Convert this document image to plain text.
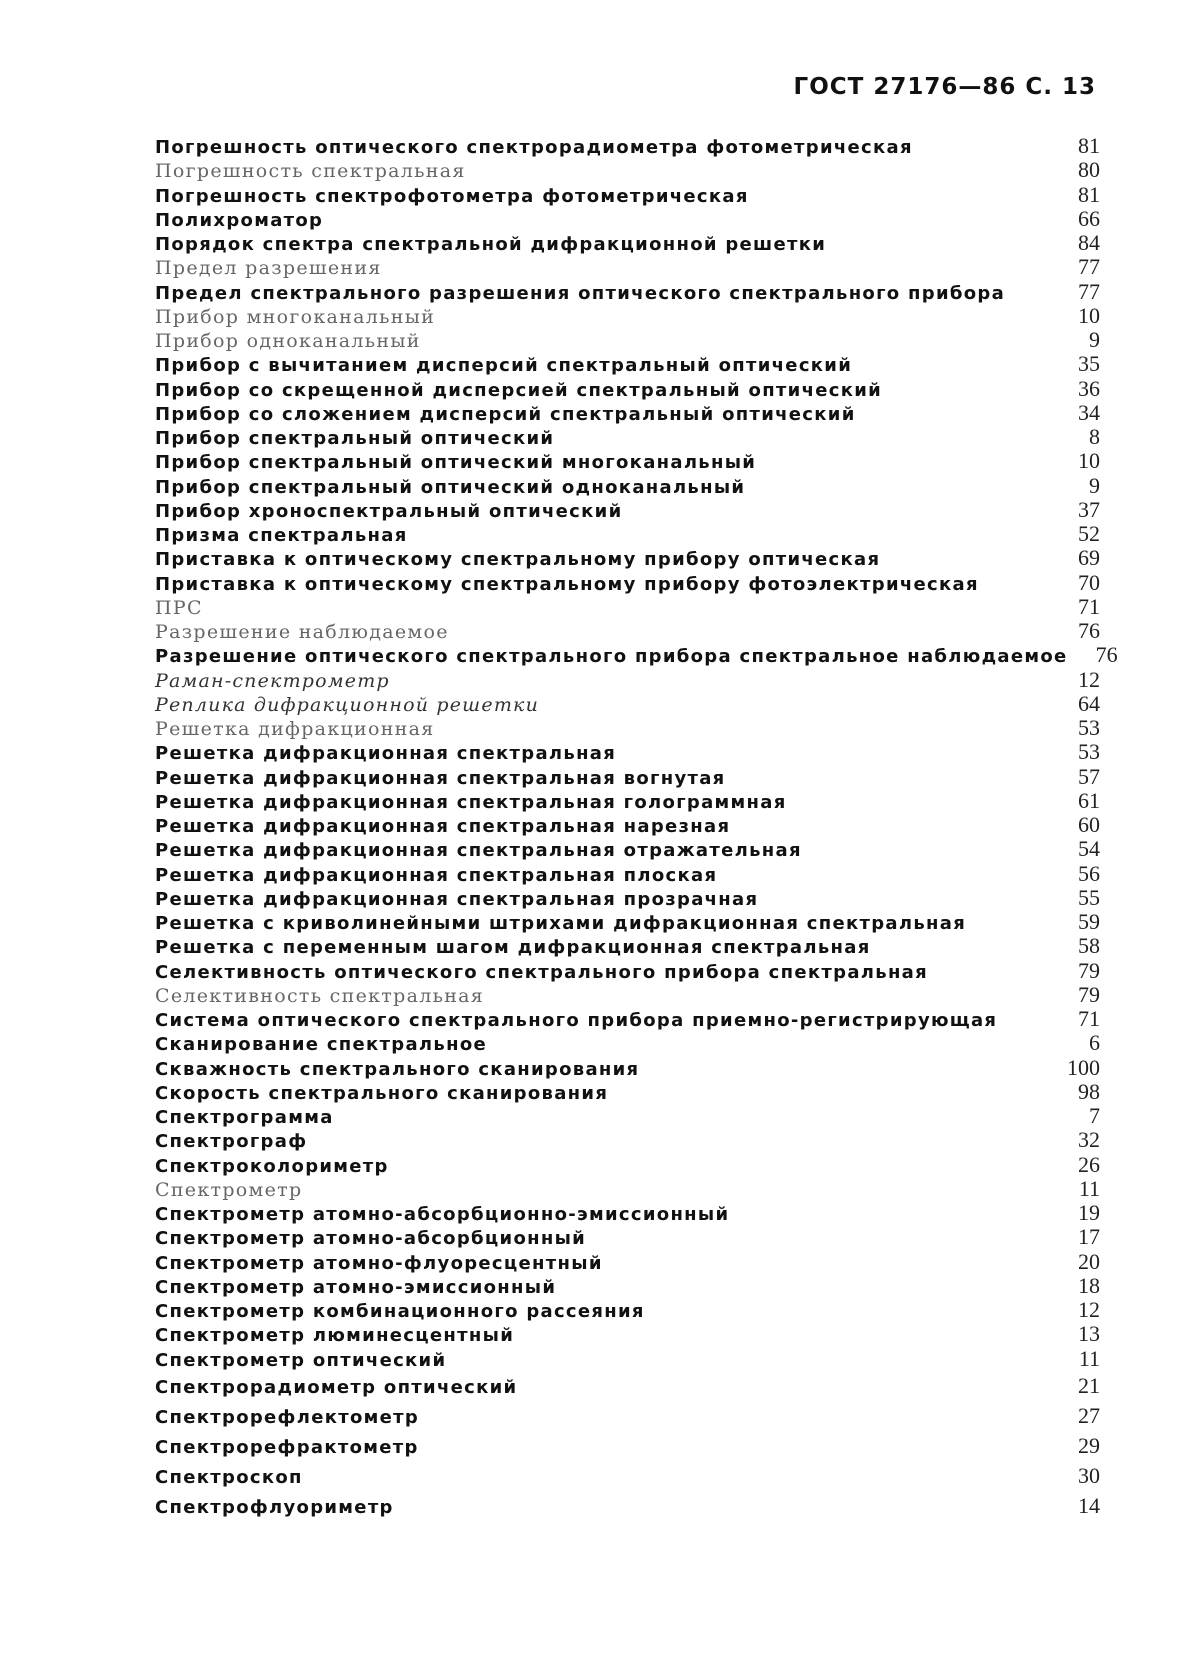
ГОСТ 27176—86 С. 13
Погрешность оптического спектрорадиометра фотометрическая	81
Погрешность спектральная	80
Погрешность спектрофотометра фотометрическая	81
Полихроматор	66
Порядок спектра спектральной дифракционной решетки	84
Предел разрешения	77
Предел спектрального разрешения оптического спектрального прибора	77
Прибор многоканальный	10
Прибор одноканальный	9
Прибор с вычитанием дисперсий спектральный оптический	35
Прибор со скрещенной дисперсией спектральный оптический	36
Прибор со сложением дисперсий спектральный оптический	34
Прибор спектральный оптический	8
Прибор спектральный оптический многоканальный	10
Прибор спектральный оптический одноканальный	9
Прибор хроноспектральный оптический	37
Призма спектральная	52
Приставка к оптическому спектральному прибору оптическая	69
Приставка к оптическому спектральному прибору фотоэлектрическая	70
ПРС	71
Разрешение наблюдаемое	76
Разрешение оптического спектрального прибора спектральное наблюдаемое	76
Раман-спектрометр	12
Реплика дифракционной решетки	64
Решетка дифракционная	53
Решетка дифракционная спектральная	53
Решетка дифракционная спектральная вогнутая	57
Решетка дифракционная спектральная голограммная	61
Решетка дифракционная спектральная нарезная	60
Решетка дифракционная спектральная отражательная	54
Решетка дифракционная спектральная плоская	56
Решетка дифракционная спектральная прозрачная	55
Решетка с криволинейными штрихами дифракционная спектральная	59
Решетка с переменным шагом дифракционная спектральная	58
Селективность оптического спектрального прибора спектральная	79
Селективность спектральная	79
Система оптического спектрального прибора приемно-регистрирующая	71
Сканирование спектральное	6
Скважность спектрального сканирования	100
Скорость спектрального сканирования	98
Спектрограмма	7
Спектрограф	32
Спектроколориметр	26
Спектрометр	11
Спектрометр атомно-абсорбционно-эмиссионный	19
Спектрометр атомно-абсорбционный	17
Спектрометр атомно-флуоресцентный	20
Спектрометр атомно-эмиссионный	18
Спектрометр комбинационного рассеяния	12
Спектрометр люминесцентный	13
Спектрометр оптический	11
Спектрорадиометр оптический	21
Спектрорефлектометр	27
Спектрорефрактометр	29
Спектроскоп	30
Спектрофлуориметр	14
